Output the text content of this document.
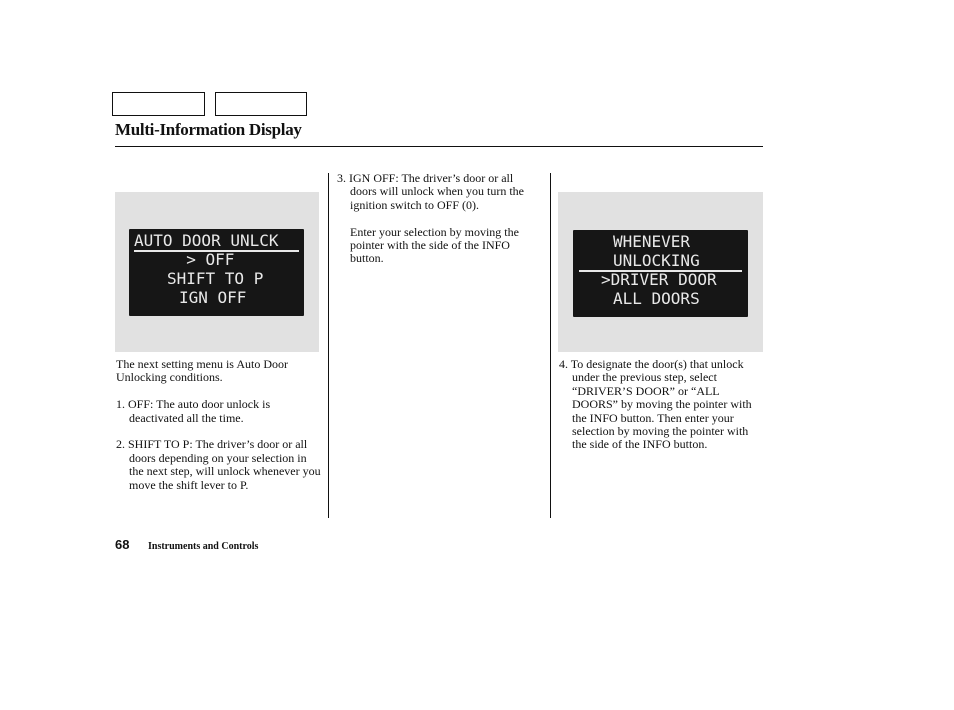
Multi-Information Display
AUTO DOOR UNLCK
> OFF
SHIFT TO P
IGN OFF
WHENEVER
UNLOCKING
>DRIVER DOOR
ALL DOORS

The next setting menu is Auto Door Unlocking conditions.

1. OFF: The auto door unlock is deactivated all the time.

2. SHIFT TO P: The driver’s door or all doors depending on your selection in the next step, will unlock whenever you move the shift lever to P.

3. IGN OFF: The driver’s door or all doors will unlock when you turn the ignition switch to OFF (0).

Enter your selection by moving the pointer with the side of the INFO button.

4. To designate the door(s) that unlock under the previous step, select “DRIVER’S DOOR” or “ALL DOORS” by moving the pointer with the INFO button. Then enter your selection by moving the pointer with the side of the INFO button.

68 Instruments and Controls
